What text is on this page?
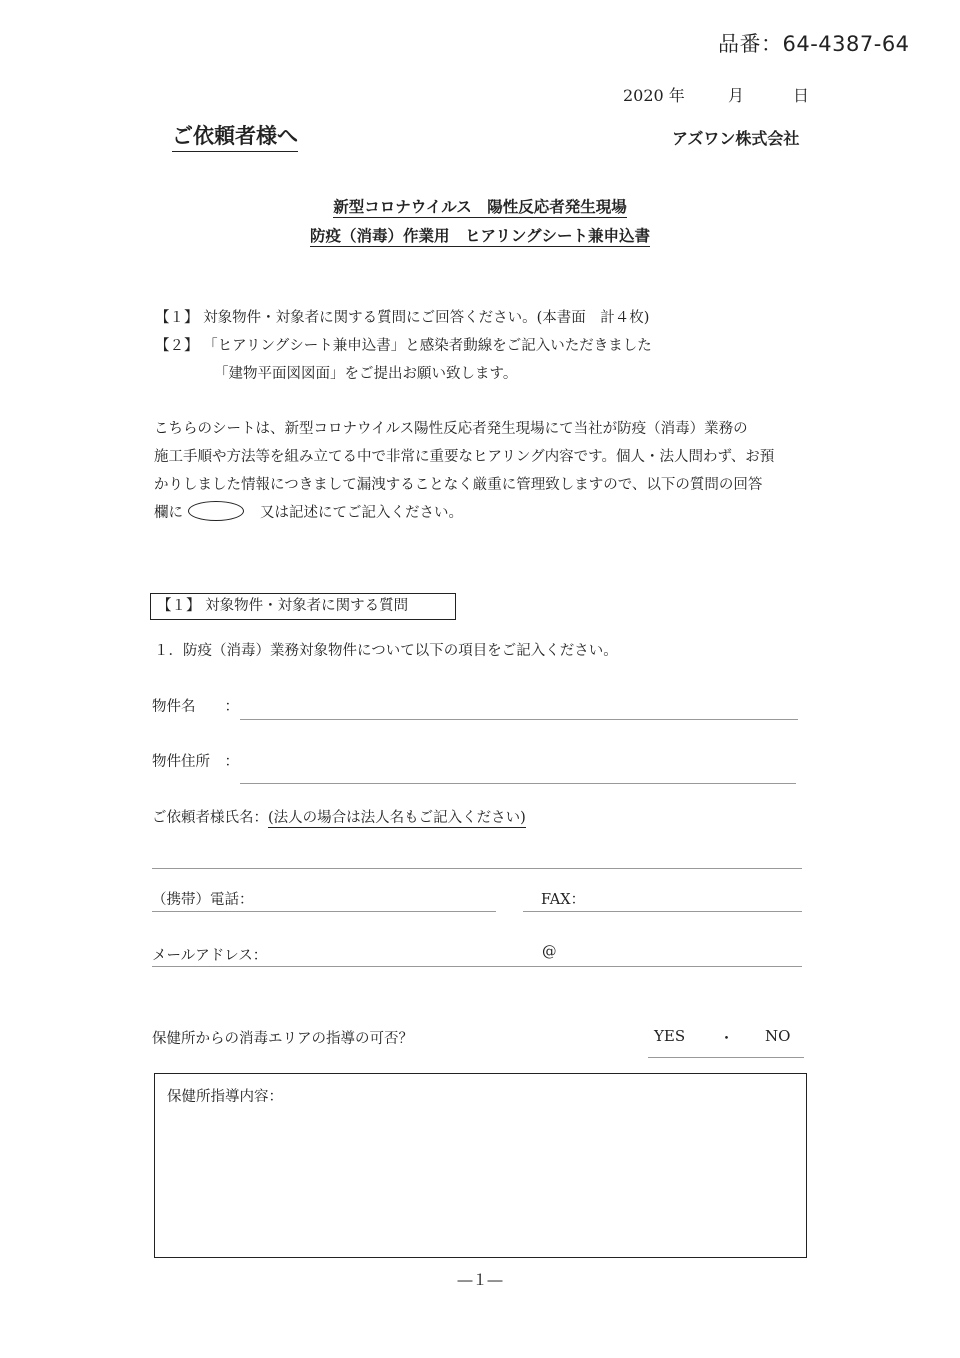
品番：64-4387-64
2020 年	月	日
ご依頼者様へ	アズワン株式会社
新型コロナウイルス　陽性反応者発生現場
防疫（消毒）作業用　ヒアリングシート兼申込書
【１】 対象物件・対象者に関する質問にご回答ください。(本書面　計４枚)
【２】 「ヒアリングシート兼申込書」と感染者動線をご記入いただきました
「建物平面図図面」をご提出お願い致します。
こちらのシートは、新型コロナウイルス陽性反応者発生現場にて当社が防疫（消毒）業務の
施工手順や方法等を組み立てる中で非常に重要なヒアリング内容です。個人・法人問わず、お預
かりしました情報につきまして漏洩することなく厳重に管理致しますので、以下の質問の回答
欄に	又は記述にてご記入ください。
【１】 対象物件・対象者に関する質問
１．防疫（消毒）業務対象物件について以下の項目をご記入ください。
物件名　　：
物件住所　：
ご依頼者様氏名：(法人の場合は法人名もご記入ください)
（携帯）電話：	FAX：
メールアドレス：	@
保健所からの消毒エリアの指導の可否？	YES ・ NO
保健所指導内容：
―１―
